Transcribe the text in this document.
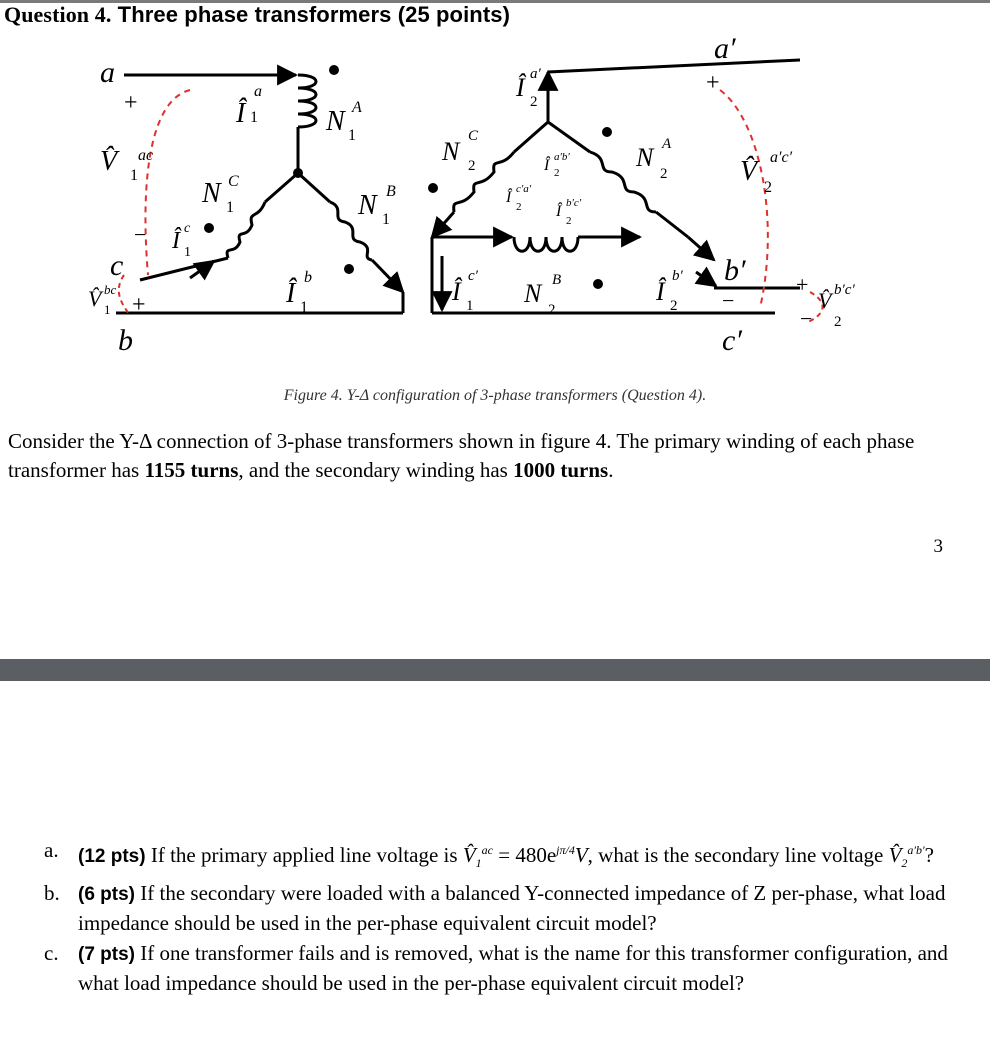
Question 4. Three phase transformers (25 points)
a
+
V̂ ac
1
c
V̂ bc
1 +
−
b
Î
a
1 N A
1
N C
1
Î c
1
N B
1
Î
b
1
a′
+
V̂ a′c′
2
b′
−
c′
+
V̂ b′c′
2
−
Î a′
2
N
C
2	N A
2
Î a′b′
2
Î c′a′
2 Î b′c′
2
Î
c′
1 N B
2
Î
b′
2
Figure 4. Y-Δ configuration of 3-phase transformers (Question 4).
Consider the Y-Δ connection of 3-phase transformers shown in figure 4. The primary winding of each phase transformer has 1155 turns, and the secondary winding has 1000 turns.
3
a. (12 pts) If the primary applied line voltage is $V̂_1^{ac} = 480e^{j\pi/4}V$, what is the secondary line voltage $V̂_2^{a'b'}$?
b. (6 pts) If the secondary were loaded with a balanced Y-connected impedance of Z per-phase, what load impedance should be used in the per-phase equivalent circuit model?
c. (7 pts) If one transformer fails and is removed, what is the name for this transformer configuration, and what load impedance should be used in the per-phase equivalent circuit model?
